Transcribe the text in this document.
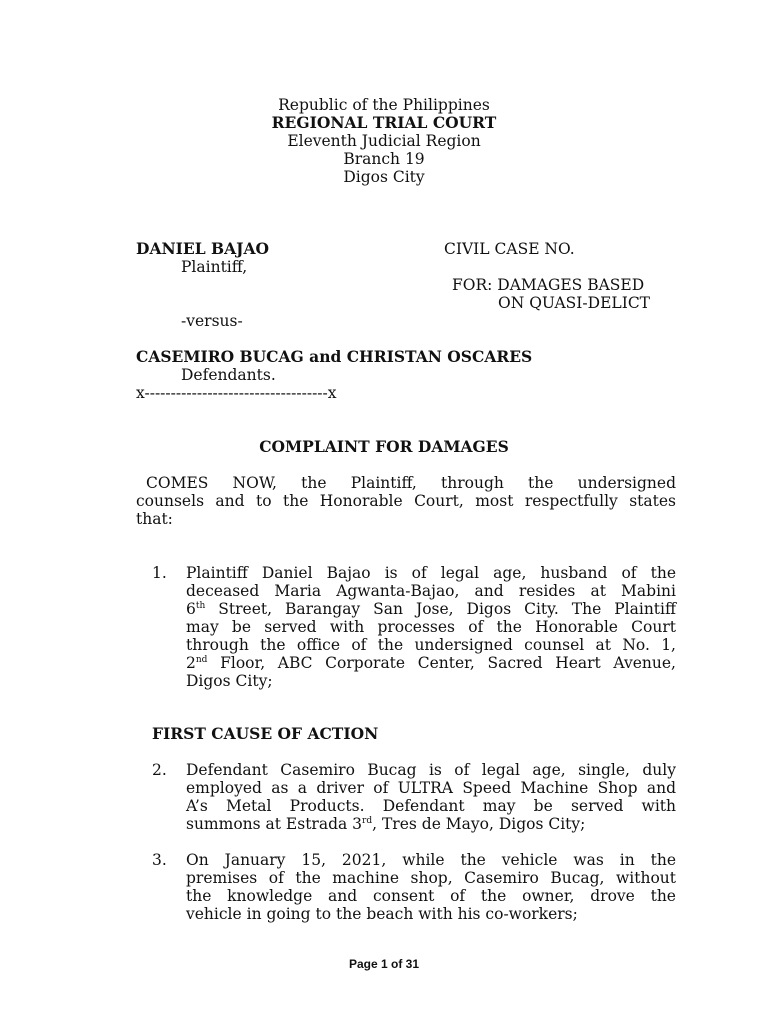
Republic of the Philippines
REGIONAL TRIAL COURT
Eleventh Judicial Region
Branch 19
Digos City
DANIEL BAJAO
Plaintiff,
CIVIL CASE NO.
FOR: DAMAGES BASED
ON QUASI-DELICT
-versus-
CASEMIRO BUCAG and CHRISTAN OSCARES
Defendants.
x-----------------------------------x
COMPLAINT FOR DAMAGES
COMES NOW, the Plaintiff, through the undersigned
counsels and to the Honorable Court, most respectfully states
that:
1. Plaintiff Daniel Bajao is of legal age, husband of the
deceased Maria Agwanta-Bajao, and resides at Mabini
6th Street, Barangay San Jose, Digos City. The Plaintiff
may be served with processes of the Honorable Court
through the office of the undersigned counsel at No. 1,
2nd Floor, ABC Corporate Center, Sacred Heart Avenue,
Digos City;
FIRST CAUSE OF ACTION
2. Defendant Casemiro Bucag is of legal age, single, duly
employed as a driver of ULTRA Speed Machine Shop and
A’s Metal Products. Defendant may be served with
summons at Estrada 3rd, Tres de Mayo, Digos City;
3. On January 15, 2021, while the vehicle was in the
premises of the machine shop, Casemiro Bucag, without
the knowledge and consent of the owner, drove the
vehicle in going to the beach with his co-workers;
Page 1 of 31
